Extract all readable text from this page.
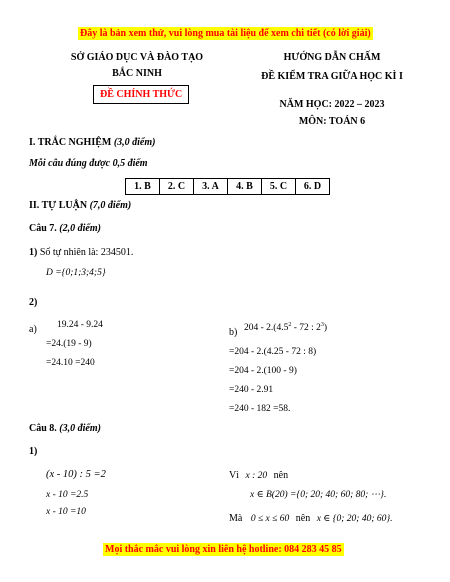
Đây là bản xem thử, vui lòng mua tài liệu để xem chi tiết (có lời giải)
SỞ GIÁO DỤC VÀ ĐÀO TẠO
BẮC NINH
ĐỀ CHÍNH THỨC
HƯỚNG DẪN CHẤM
ĐỀ KIỂM TRA GIỮA HỌC KÌ I
NĂM HỌC: 2022 – 2023
MÔN: TOÁN 6
I. TRẮC NGHIỆM (3,0 điểm)
Mỗi câu đúng được 0,5 điểm
1. B	2. C	3. A	4. B	5. C	6. D
II. TỰ LUẬN (7,0 điểm)
Câu 7. (2,0 điểm)
1) Số tự nhiên là: 234501.
D ={0;1;3;4;5}
2)
a) 19.24 - 9.24
=24.(19 - 9)
=24.10 =240
b) $204 - 2.(4.5^2 - 72$ : $2^3$)
=204 - 2.(4.25 - 72 : 8)
=204 - 2.(100 - 9)
=240 - 2.91
=240 - 182 =58.
Câu 8. (3,0 điểm)
1)
(x - 10) : 5 =2
x - 10 =2.5
x - 10 =10
Vì x : 20 nên
x ∈ B(20) ={0; 20; 40; 60; 80; ⋯}.
Mà 0 ≤ x ≤ 60 nên x ∈ {0; 20; 40; 60}.
Mọi thắc mắc vui lòng xin liên hệ hotline: 084 283 45 85
